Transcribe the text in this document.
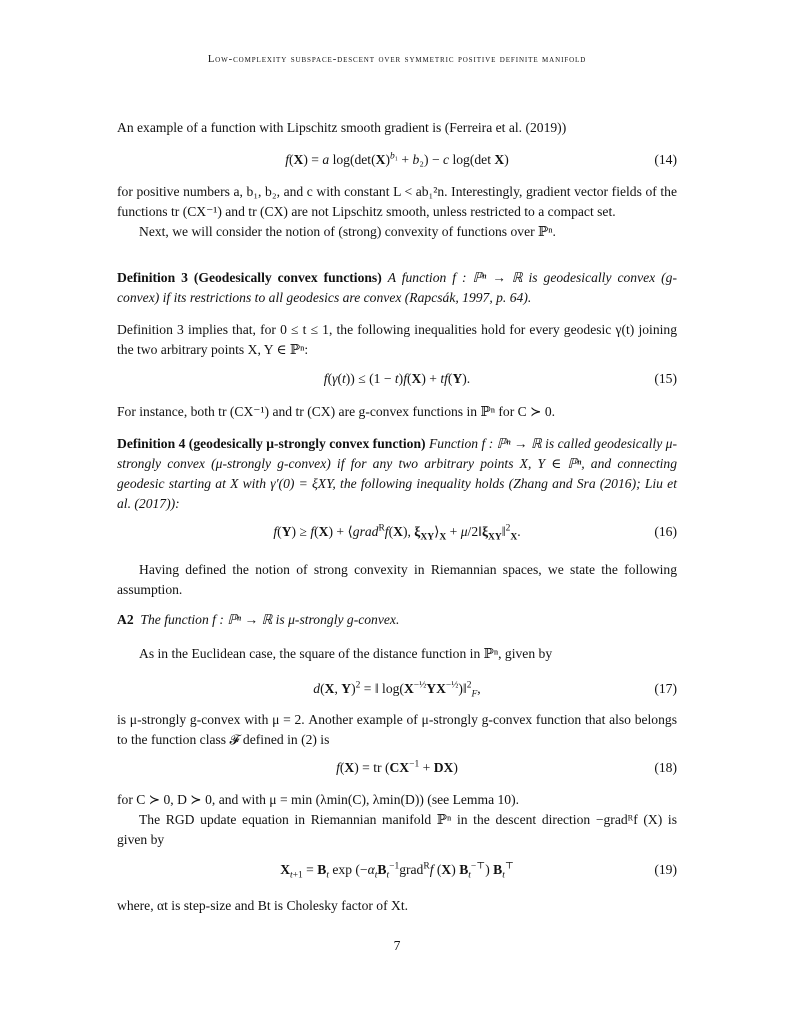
Low-complexity subspace-descent over symmetric positive definite manifold

An example of a function with Lipschitz smooth gradient is (Ferreira et al. (2019))

f(X) = a $\log(\det(X)^{b_1} + b_2) - c$ log(det X)	(14)

for positive numbers a, b₁, b₂, and c with constant L < ab₁²n. Interestingly, gradient vector fields of the functions tr (CX⁻¹) and tr (CX) are not Lipschitz smooth, unless restricted to a compact set.

Next, we will consider the notion of (strong) convexity of functions over ℙⁿ.

Definition 3 (Geodesically convex functions) A function f : ℙⁿ → ℝ is geodesically convex (g-convex) if its restrictions to all geodesics are convex (Rapcsák, 1997, p. 64).

Definition 3 implies that, for 0 ≤ t ≤ 1, the following inequalities hold for every geodesic γ(t) joining the two arbitrary points X, Y ∈ ℙⁿ:

f(γ(t)) ≤ (1 − t)f(X) + tf(Y).	(15)

For instance, both tr (CX⁻¹) and tr (CX) are g-convex functions in ℙⁿ for C ≻ 0.

Definition 4 (geodesically μ-strongly convex function) Function f : ℙⁿ → ℝ is called geodesically μ-strongly convex (μ-strongly g-convex) if for any two arbitrary points X, Y ∈ ℙⁿ, and connecting geodesic starting at X with γ′(0) = ξXY, the following inequality holds (Zhang and Sra (2016); Liu et al. (2017)):

f(Y) ≥ f(X) + ⟨grad$^R$f(X), $\xi_{XY}⟩_X$ + $\mu/2‖\xi_{XY}‖^2_X$.	(16)

Having defined the notion of strong convexity in Riemannian spaces, we state the following assumption.

A2 The function f : ℙⁿ → ℝ is μ-strongly g-convex.

As in the Euclidean case, the square of the distance function in ℙⁿ, given by

d(X, Y)$^2$ = ‖ $\log(X^{-\frac{1}{2}}YX^{-\frac{1}{2}})‖^2_F$,	(17)

is μ-strongly g-convex with μ = 2. Another example of μ-strongly g-convex function that also belongs to the function class 𝓕 defined in (2) is

f(X) = tr $(CX^{-1} + DX)$	(18)

for C ≻ 0, D ≻ 0, and with μ = min (λmin(C), λmin(D)) (see Lemma 10).

The RGD update equation in Riemannian manifold ℙⁿ in the descent direction −gradᴿf (X) is given by

$X_{t+1} = B_t$ $\exp (-\alpha_tB_t^{-1}grad^Rf$ (X) $B_t^{-⊤}$) $B_t^⊤$	(19)

where, αt is step-size and Bt is Cholesky factor of Xt.

7
